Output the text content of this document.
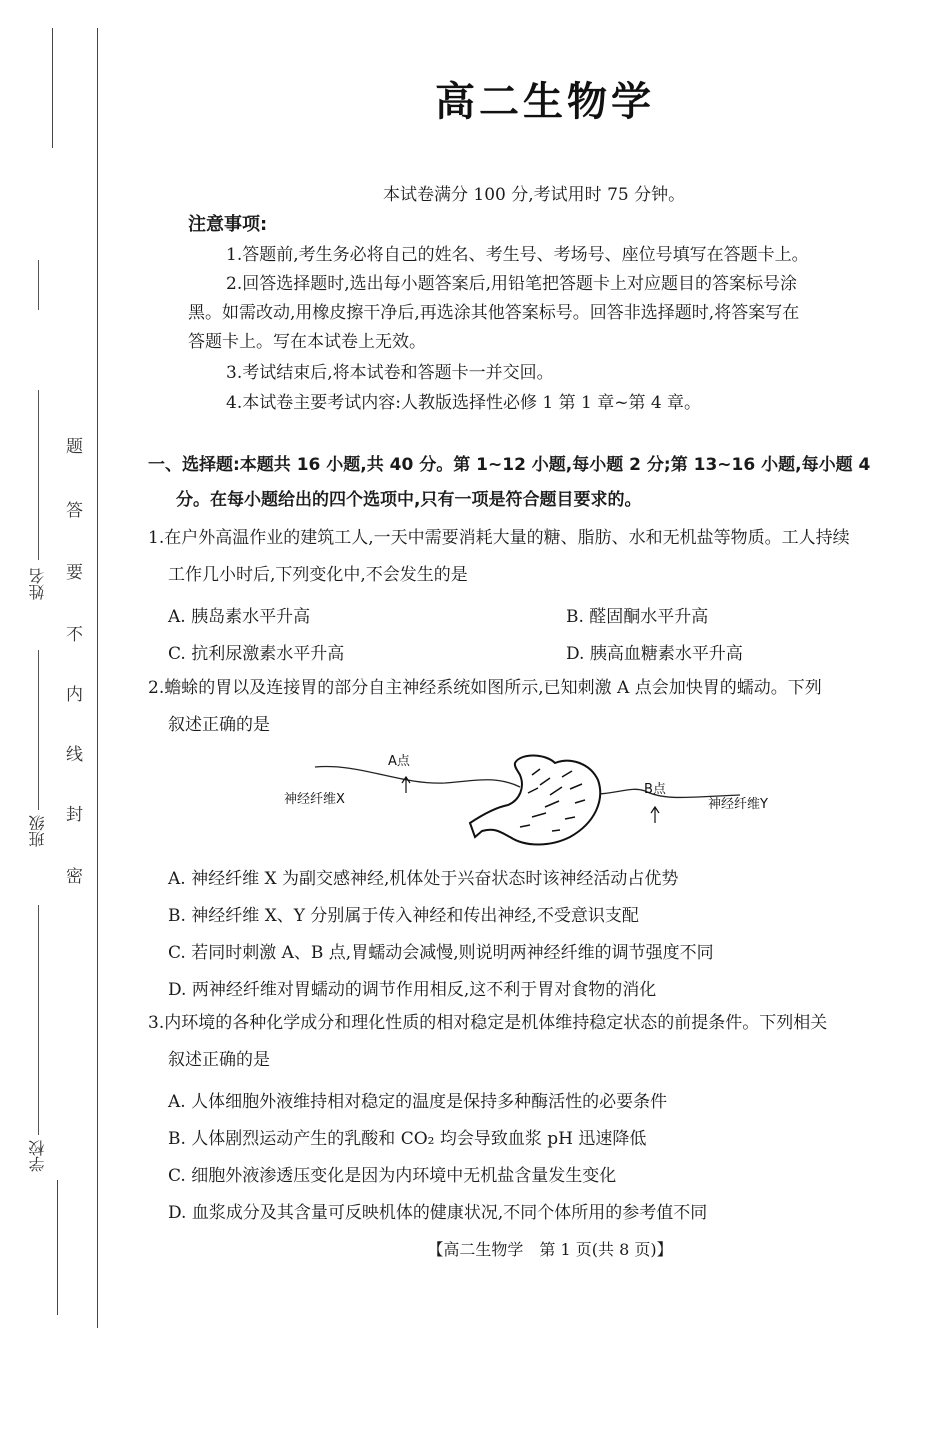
姓名
班级
学校
题
答
要
不
内
线
封
密
高二生物学
本试卷满分 100 分,考试用时 75 分钟。
注意事项:
1.答题前,考生务必将自己的姓名、考生号、考场号、座位号填写在答题卡上。
2.回答选择题时,选出每小题答案后,用铅笔把答题卡上对应题目的答案标号涂
黑。如需改动,用橡皮擦干净后,再选涂其他答案标号。回答非选择题时,将答案写在
答题卡上。写在本试卷上无效。
3.考试结束后,将本试卷和答题卡一并交回。
4.本试卷主要考试内容:人教版选择性必修 1 第 1 章~第 4 章。
一、选择题:本题共 16 小题,共 40 分。第 1~12 小题,每小题 2 分;第 13~16 小题,每小题 4
分。在每小题给出的四个选项中,只有一项是符合题目要求的。
1.在户外高温作业的建筑工人,一天中需要消耗大量的糖、脂肪、水和无机盐等物质。工人持续
工作几小时后,下列变化中,不会发生的是
A. 胰岛素水平升高	B. 醛固酮水平升高
C. 抗利尿激素水平升高	D. 胰高血糖素水平升高
2.蟾蜍的胃以及连接胃的部分自主神经系统如图所示,已知刺激 A 点会加快胃的蠕动。下列
叙述正确的是
A点
B点
神经纤维X	神经纤维Y
A. 神经纤维 X 为副交感神经,机体处于兴奋状态时该神经活动占优势
B. 神经纤维 X、Y 分别属于传入神经和传出神经,不受意识支配
C. 若同时刺激 A、B 点,胃蠕动会减慢,则说明两神经纤维的调节强度不同
D. 两神经纤维对胃蠕动的调节作用相反,这不利于胃对食物的消化
3.内环境的各种化学成分和理化性质的相对稳定是机体维持稳定状态的前提条件。下列相关
叙述正确的是
A. 人体细胞外液维持相对稳定的温度是保持多种酶活性的必要条件
B. 人体剧烈运动产生的乳酸和 CO₂ 均会导致血浆 pH 迅速降低
C. 细胞外液渗透压变化是因为内环境中无机盐含量发生变化
D. 血浆成分及其含量可反映机体的健康状况,不同个体所用的参考值不同
【高二生物学　第 1 页(共 8 页)】
